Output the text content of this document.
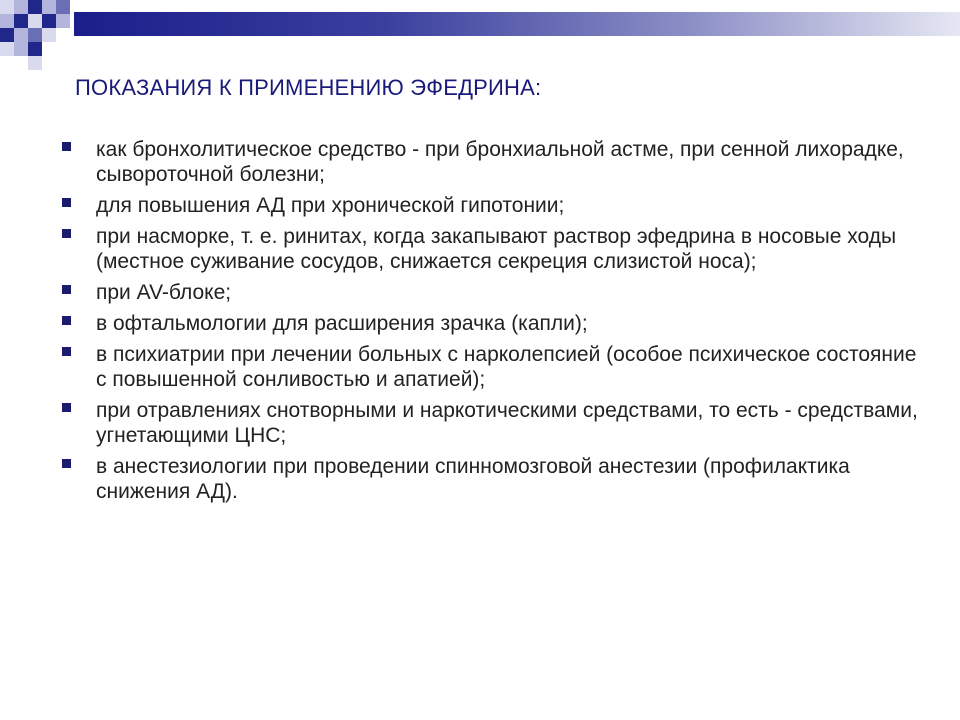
ПОКАЗАНИЯ К ПРИМЕНЕНИЮ ЭФЕДРИНА:
как бронхолитическое средство - при бронхиальной астме, при сенной лихорадке, сывороточной болезни;
для повышения АД при хронической гипотонии;
при насморке, т. е. ринитах, когда закапывают раствор эфедрина в носовые ходы (местное суживание сосудов, снижается секреция слизистой носа);
при AV-блоке;
в офтальмологии для расширения зрачка (капли);
в психиатрии при лечении больных с нарколепсией (особое психическое состояние с повышенной сонливостью и апатией);
при отравлениях снотворными и наркотическими средствами, то есть - средствами, угнетающими ЦНС;
в анестезиологии при проведении спинномозговой анестезии (профилактика снижения АД).
